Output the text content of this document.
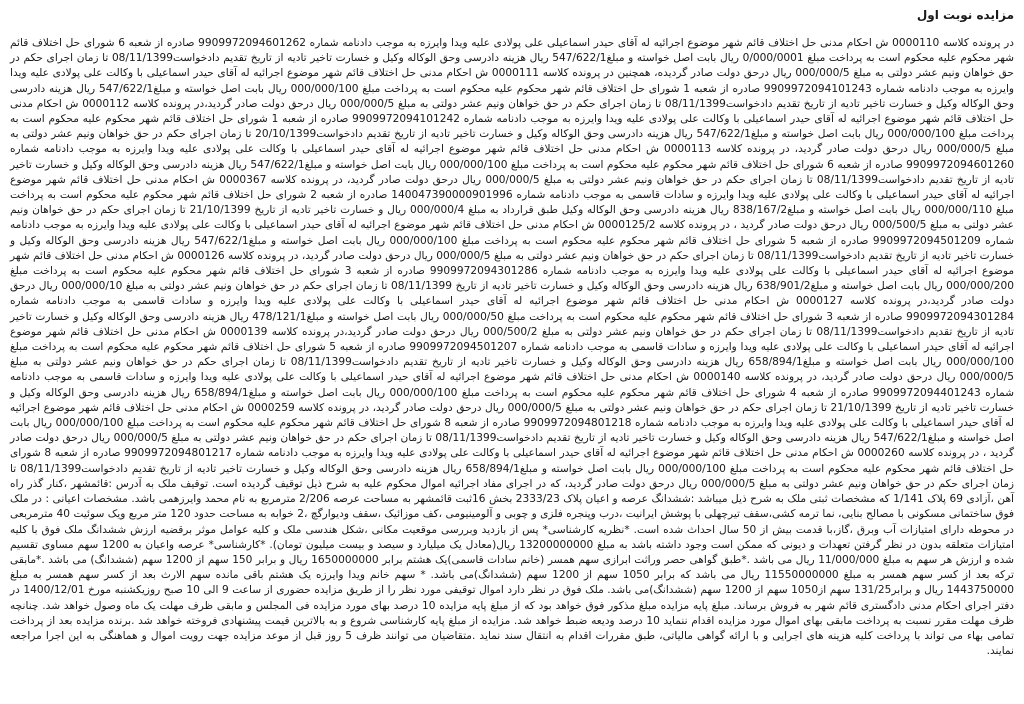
مزایده نوبت اول

در پرونده کلاسه 0000110 ش احکام مدنی حل اختلاف قائم شهر موضوع اجرائیه له آقای حیدر اسماعیلی علی پولادی علیه ویدا وایرزه به موجب دادنامه شماره 9909972094601262 صادره از شعبه 6 شورای حل اختلاف قائم شهر محکوم علیه محکوم است به پرداخت مبلغ 0/000/0001 ریال بابت اصل خواسته و مبلغ547/622/1 ریال هزینه دادرسی وحق الوکاله وکیل و خسارت تاخیر تادیه از تاریخ تقدیم دادخواست08/11/1399 تا زمان اجرای حکم در حق خواهان ونیم عشر دولتی به مبلغ 000/000/5 ریال درحق دولت صادر گردیده، همچنین در پرونده کلاسه 0000111 ش احکام مدنی حل اختلاف قائم شهر موضوع اجرائیه له آقای حیدر اسماعیلی با وکالت علی پولادی علیه ویدا وایرزه به موجب دادنامه شماره 9909972094101243 صادره از شعبه 1 شورای حل اختلاف قائم شهر محکوم علیه محکوم است به پرداخت مبلغ 000/000/100 ریال بابت اصل خواسته و مبلغ547/622/1 ریال هزینه دادرسی وحق الوکاله وکیل و خسارت تاخیر تادیه از تاریخ تقدیم دادخواست08/11/1399 تا زمان اجرای حکم در حق خواهان ونیم عشر دولتی به مبلغ 000/000/5 ریال درحق دولت صادر گردید،در پرونده کلاسه 0000112 ش احکام مدنی حل اختلاف قائم شهر موضوع اجرائیه له آقای حیدر اسماعیلی با وکالت علی پولادی علیه ویدا وایرزه به موجب دادنامه شماره 9909972094101242 صادره از شعبه 1 شورای حل اختلاف قائم شهر محکوم علیه محکوم است به پرداخت مبلغ 000/000/100 ریال بابت اصل خواسته و مبلغ547/622/1 ریال هزینه دادرسی وحق الوکاله وکیل و خسارت تاخیر تادیه از تاریخ تقدیم دادخواست20/10/1399 تا زمان اجرای حکم در حق خواهان ونیم عشر دولتی به مبلغ 000/000/5 ریال درحق دولت صادر گردید، در پرونده کلاسه 0000113 ش احکام مدنی حل اختلاف قائم شهر موضوع اجرائیه له آقای حیدر اسماعیلی با وکالت علی پولادی علیه ویدا وایرزه به موجب دادنامه شماره 9909972094601260 صادره از شعبه 6 شورای حل اختلاف قائم شهر محکوم علیه محکوم است به پرداخت مبلغ 000/000/100 ریال بابت اصل خواسته و مبلغ547/622/1 ریال هزینه دادرسی وحق الوکاله وکیل و خسارت تاخیر تادیه از تاریخ تقدیم دادخواست08/11/1399 تا زمان اجرای حکم در حق خواهان ونیم عشر دولتی به مبلغ 000/000/5 ریال درحق دولت صادر گردید، در پرونده کلاسه 0000367 ش احکام مدنی حل اختلاف قائم شهر موضوع اجرائیه له آقای حیدر اسماعیلی با وکالت علی پولادی علیه ویدا وایرزه و سادات قاسمی به موجب دادنامه شماره 140047390000901996 صادره از شعبه 2 شورای حل اختلاف قائم شهر محکوم علیه محکوم است به پرداخت مبلغ 000/000/110 ریال بابت اصل خواسته و مبلغ838/167/2 ریال هزینه دادرسی وحق الوکاله وکیل طبق قرارداد به مبلغ 000/000/4 ریال و خسارت تاخیر تادیه از تاریخ 21/10/1399 تا زمان اجرای حکم در حق خواهان ونیم عشر دولتی به مبلغ 000/500/5 ریال درحق دولت صادر گردید ، در پرونده کلاسه 0000125/2 ش احکام مدنی حل اختلاف قائم شهر موضوع اجرائیه له آقای حیدر اسماعیلی با وکالت علی پولادی علیه ویدا وایرزه به موجب دادنامه شماره 9909972094501209 صادره از شعبه 5 شورای حل اختلاف قائم شهر محکوم علیه محکوم است به پرداخت مبلغ 000/000/100 ریال بابت اصل خواسته و مبلغ547/622/1 ریال هزینه دادرسی وحق الوکاله وکیل و خسارت تاخیر تادیه از تاریخ تقدیم دادخواست08/11/1399 تا زمان اجرای حکم در حق خواهان ونیم عشر دولتی به مبلغ 000/000/5 ریال درحق دولت صادر گردید، در پرونده کلاسه 0000126 ش احکام مدنی حل اختلاف قائم شهر موضوع اجرائیه له آقای حیدر اسماعیلی با وکالت علی پولادی علیه ویدا وایرزه به موجب دادنامه شماره 9909972094301286 صادره از شعبه 3 شورای حل اختلاف قائم شهر محکوم علیه محکوم است به پرداخت مبلغ 000/000/200 ریال بابت اصل خواسته و مبلغ638/901/2 ریال هزینه دادرسی وحق الوکاله وکیل و خسارت تاخیر تادیه از تاریخ 08/11/1399 تا زمان اجرای حکم در حق خواهان ونیم عشر دولتی به مبلغ 000/000/10 ریال درحق دولت صادر گردید،در پرونده کلاسه 0000127 ش احکام مدنی حل اختلاف قائم شهر موضوع اجرائیه له آقای حیدر اسماعیلی با وکالت علی پولادی علیه ویدا وایرزه و سادات قاسمی به موجب دادنامه شماره 9909972094301284 صادره از شعبه 3 شورای حل اختلاف قائم شهر محکوم علیه محکوم است به پرداخت مبلغ 000/000/50 ریال بابت اصل خواسته و مبلغ478/121/1 ریال هزینه دادرسی وحق الوکاله وکیل و خسارت تاخیر تادیه از تاریخ تقدیم دادخواست08/11/1399 تا زمان اجرای حکم در حق خواهان ونیم عشر دولتی به مبلغ 000/500/2 ریال درحق دولت صادر گردید،در پرونده کلاسه 0000139 ش احکام مدنی حل اختلاف قائم شهر موضوع اجرائیه له آقای حیدر اسماعیلی با وکالت علی پولادی علیه ویدا وایرزه و سادات قاسمی به موجب دادنامه شماره 9909972094501207 صادره از شعبه 5 شورای حل اختلاف قائم شهر محکوم علیه محکوم است به پرداخت مبلغ 000/000/100 ریال بابت اصل خواسته و مبلغ658/894/1 ریال هزینه دادرسی وحق الوکاله وکیل و خسارت تاخیر تادیه از تاریخ تقدیم دادخواست08/11/1399 تا زمان اجرای حکم در حق خواهان ونیم عشر دولتی به مبلغ 000/000/5 ریال درحق دولت صادر گردید، در پرونده کلاسه 0000140 ش احکام مدنی حل اختلاف قائم شهر موضوع اجرائیه له آقای حیدر اسماعیلی با وکالت علی پولادی علیه ویدا وایرزه و سادات قاسمی به موجب دادنامه شماره 9909972094401243 صادره از شعبه 4 شورای حل اختلاف قائم شهر محکوم علیه محکوم است به پرداخت مبلغ 000/000/100 ریال بابت اصل خواسته و مبلغ658/894/1 ریال هزینه دادرسی وحق الوکاله وکیل و خسارت تاخیر تادیه از تاریخ 21/10/1399 تا زمان اجرای حکم در حق خواهان ونیم عشر دولتی به مبلغ 000/000/5 ریال درحق دولت صادر گردید، در پرونده کلاسه 0000259 ش احکام مدنی حل اختلاف قائم شهر موضوع اجرائیه له آقای حیدر اسماعیلی با وکالت علی پولادی علیه ویدا وایرزه به موجب دادنامه شماره 9909972094801218 صادره از شعبه 8 شورای حل اختلاف قائم شهر محکوم علیه محکوم است به پرداخت مبلغ 000/000/100 ریال بابت اصل خواسته و مبلغ547/622/1 ریال هزینه دادرسی وحق الوکاله وکیل و خسارت تاخیر تادیه از تاریخ تقدیم دادخواست08/11/1399 تا زمان اجرای حکم در حق خواهان ونیم عشر دولتی به مبلغ 000/000/5 ریال درحق دولت صادر گردید ، در پرونده کلاسه 0000260 ش احکام مدنی حل اختلاف قائم شهر موضوع اجرائیه له آقای حیدر اسماعیلی با وکالت علی پولادی علیه ویدا وایرزه به موجب دادنامه شماره 9909972094801217 صادره از شعبه 8 شورای حل اختلاف قائم شهر محکوم علیه محکوم است به پرداخت مبلغ 000/000/100 ریال بابت اصل خواسته و مبلغ658/894/1 ریال هزینه دادرسی وحق الوکاله وکیل و خسارت تاخیر تادیه از تاریخ تقدیم دادخواست08/11/1399 تا زمان اجرای حکم در حق خواهان ونیم عشر دولتی به مبلغ 000/000/5 ریال درحق دولت صادر گردید، که در اجرای مفاد اجرائیه اموال محکوم علیه به شرح ذیل توقیف گردیده است. توقیف ملک به آدرس :قائمشهر ،کنار گذر راه آهن ،آزادی 69 پلاک 1/141 که مشخصات ثبتی ملک به شرح ذیل میباشد :ششدانگ عرصه و اعیان پلاک 2333/23 بخش 16ثبت قائمشهر به مساحت عرصه 2/206 مترمربع به نام محمد وایرزهمی باشد. مشخصات اعیانی : در ملک فوق ساختمانی مسکونی با مصالح بنایی، نما ترمه کشی،سقف تیرچهلی با پوشش ایرانیت ،درب وپنجره فلزی و چوبی و آلومینیومی ،کف موزائیک ،سقف ودیوارگچ ،2 خوابه به مساحت حدود 120 متر مربع ویک سوئیت 40 مترمربعی در محوطه دارای امتیازات آب وبرق ،گاز،با قدمت بیش از 50 سال احداث شده است. *نظریه کارشناسی* پس از بازدید وبررسی موقعیت مکانی ،شکل هندسی ملک و کلیه عوامل موثر برقضیه ارزش ششدانگ ملک فوق با کلیه امتیازات متعلقه بدون در نظر گرفتن تعهدات و دیونی که ممکن است وجود داشته باشد به مبلغ 13200000000 ریال(معادل یک میلیارد و سیصد و بیست میلیون تومان). *کارشناسی* عرصه واعیان به 1200 سهم مساوی تقسیم شده و ارزش هر سهم به مبلغ 11/000/000 ریال می باشد .*طبق گواهی حصر وراثت ابرازی سهم همسر (خانم سادات قاسمی)یک هشتم برابر 1650000000 ریال و برابر 150 سهم از 1200 سهم (ششدانگ) می باشد .*مابقی ترکه بعد از کسر سهم همسر به مبلغ 11550000000 ریال می باشد که برابر 1050 سهم از 1200 سهم (ششدانگ)می باشد. * سهم خانم ویدا وایرزه یک هشتم باقی مانده سهم الارث بعد از کسر سهم همسر به مبلغ 1443750000 ریال و برابر131/25 سهم از1050 سهم از 1200 سهم (ششدانگ)می باشد. ملک فوق در نظر دارد اموال توقیفی مورد نظر را از طریق مزایده حضوری از ساعت 9 الی 10 صبح روزیکشنبه مورخ 1400/12/01 در دفتر اجرای احکام مدنی دادگستری قائم شهر به فروش برساند. مبلغ پایه مزایده مبلغ مذکور فوق خواهد بود که از مبلغ پایه مزایده 10 درصد بهای مورد مزایده فی المجلس و مابقی ظرف مهلت یک ماه وصول خواهد شد. چنانچه ظرف مهلت مقرر نسبت به پرداخت مابقی بهای اموال مورد مزایده اقدام ننماید 10 درصد ودیعه ضبط خواهد شد. مزایده از مبلغ پایه کارشناسی شروع و به بالاترین قیمت پیشنهادی فروخته خواهد شد .برنده مزایده بعد از پرداخت تمامی بهاء می تواند با پرداخت کلیه هزینه های اجرایی و با ارائه گواهی مالیاتی، طبق مقررات اقدام به انتقال سند نماید .متقاضیان می توانند ظرف 5 روز قبل از موعد مزایده جهت رویت اموال و هماهنگی به این اجرا مراجعه نمایند.
